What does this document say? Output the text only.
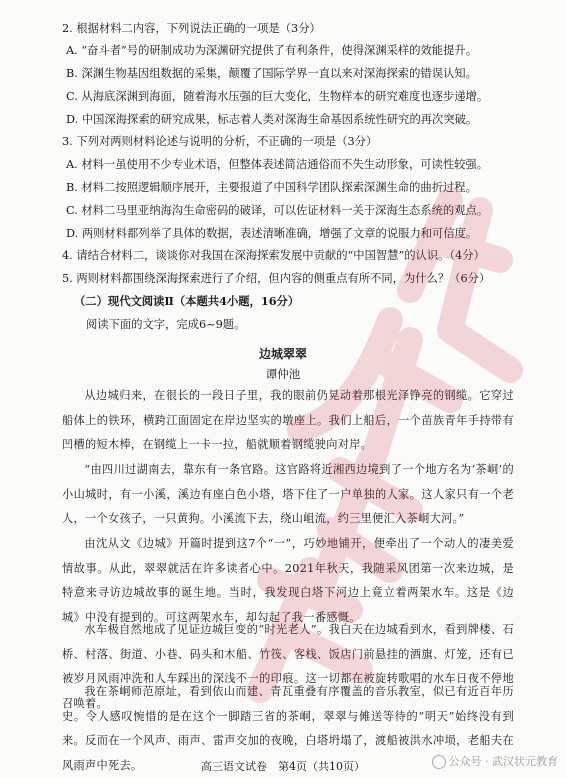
2. 根据材料二内容，下列说法正确的一项是（3分）
A. “奋斗者”号的研制成功为深渊研究提供了有利条件，使得深渊采样的效能提升。
B. 深渊生物基因组数据的采集，颠覆了国际学界一直以来对深海探索的错误认知。
C. 从海底深渊到海面，随着海水压强的巨大变化，生物样本的研究难度也逐步递增。
D. 中国深海探索的研究成果，标志着人类对深海生命基因系统性研究的再次突破。
3. 下列对两则材料论述与说明的分析，不正确的一项是（3分）
A. 材料一虽使用不少专业术语，但整体表述简洁通俗而不失生动形象，可读性较强。
B. 材料二按照逻辑顺序展开，主要报道了中国科学团队探索深渊生命的曲折过程。
C. 材料二马里亚纳海沟生命密码的破译，可以佐证材料一关于深海生态系统的观点。
D. 两则材料都列举了具体的数据，表述清晰准确，增强了文章的说服力和可信度。
4. 请结合材料二，谈谈你对我国在深海探索发展中贡献的“中国智慧”的认识。（4分）
5. 两则材料都围绕深海探索进行了介绍，但内容的侧重点有所不同，为什么？（6分）
（二）现代文阅读Ⅱ（本题共4小题，16分）
阅读下面的文字，完成6~9题。
边城翠翠
谭仲池
从边城归来，在很长的一段日子里，我的眼前仍晃动着那根光泽铮亮的钢缆。它穿过船体上的铁环，横跨江面固定在岸边坚实的墩座上。我们上船后，一个苗族青年手持带有凹槽的短木棒，在钢缆上一卡一拉，船就顺着钢缆驶向对岸。
“由四川过湖南去，靠东有一条官路。这官路将近湘西边境到了一个地方名为‘茶峒’的小山城时，有一小溪，溪边有座白色小塔，塔下住了一户单独的人家。这人家只有一个老人，一个女孩子，一只黄狗。小溪流下去，绕山岨流，约三里便汇入茶峒大河。”
由沈从文《边城》开篇时提到这7个“一”，巧妙地铺开，便牵出了一个动人的凄美爱情故事。从此，翠翠就活在许多读者心中。2021年秋天，我随采风团第一次来边城，是特意来寻访边城故事的诞生地。当时，我发现白塔下河边上竟立着两架水车。这是《边城》中没有提到的。可这两架水车，却勾起了我一番感慨。
水车极自然地成了见证边城巨变的“时光老人”。我白天在边城看到水，看到牌楼、石桥、村落、街道、小巷、码头和木船、竹筏、客栈、饭店门前悬挂的酒旗、灯笼，还有已被岁月风雨冲洗和人车踩出的深浅不一的印痕。这一切都在被旋转歌唱的水车日夜不停地召唤着。
我在茶峒师范原址，看到依山而建、青瓦重叠有序覆盖的音乐教室，似已有近百年历史。令人感叹惋惜的是在这个一脚踏三省的茶峒，翠翠与傩送等待的“明天”始终没有到来。反而在一个风声、雨声、雷声交加的夜晚，白塔坍塌了，渡船被洪水冲埙，老船夫在风雨声中死去。	高三语文试卷　第4页（共10页）	公众号 · 武汉状元教育
